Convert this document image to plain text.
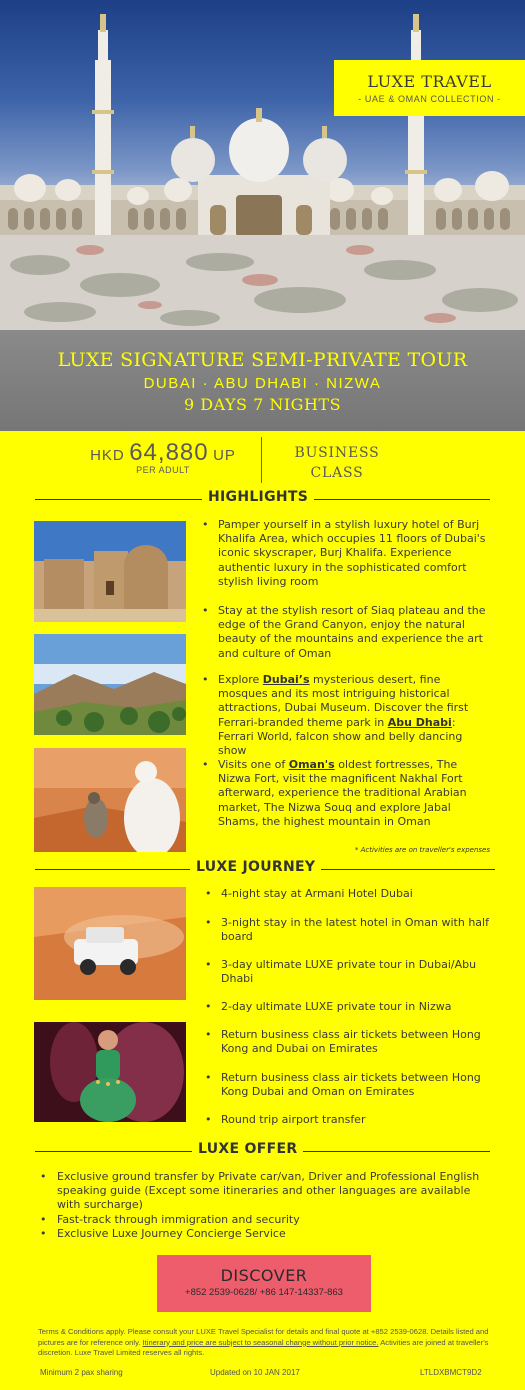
LUXE TRAVEL
- UAE & OMAN COLLECTION -
LUXE SIGNATURE SEMI-PRIVATE TOUR
DUBAI · ABU DHABI · NIZWA
9 DAYS 7 NIGHTS
HKD 64,880 UP
PER ADULT
BUSINESS
CLASS
HIGHLIGHTS
• Pamper yourself in a stylish luxury hotel of Burj Khalifa Area, which occupies 11 floors of Dubai's iconic skyscraper, Burj Khalifa. Experience authentic luxury in the sophisticated comfort stylish living room
• Stay at the stylish resort of Siaq plateau and the edge of the Grand Canyon, enjoy the natural beauty of the mountains and experience the art and culture of Oman
• Explore Dubai’s mysterious desert, fine mosques and its most intriguing historical attractions, Dubai Museum. Discover the first Ferrari-branded theme park in Abu Dhabi: Ferrari World, falcon show and belly dancing show
• Visits one of Oman's oldest fortresses, The Nizwa Fort, visit the magnificent Nakhal Fort afterward, experience the traditional Arabian market, The Nizwa Souq and explore Jabal Shams, the highest mountain in Oman
* Activities are on traveller's expenses
LUXE JOURNEY
• 4-night stay at Armani Hotel Dubai
• 3-night stay in the latest hotel in Oman with half board
• 3-day ultimate LUXE private tour in Dubai/Abu Dhabi
• 2-day ultimate LUXE private tour in Nizwa
• Return business class air tickets between Hong Kong and Dubai on Emirates
• Return business class air tickets between Hong Kong Dubai and Oman on Emirates
• Round trip airport transfer
LUXE OFFER
• Exclusive ground transfer by Private car/van, Driver and Professional English speaking guide (Except some itineraries and other languages are available with surcharge)
• Fast-track through immigration and security
• Exclusive Luxe Journey Concierge Service
DISCOVER
+852 2539-0628/ +86 147-14337-863
Terms & Conditions apply. Please consult your LUXE Travel Specialist for details and final quote at +852 2539-0628. Details listed and pictures are for reference only. Itinerary and price are subject to seasonal change without prior notice. Activities are joined at traveller's discretion. Luxe Travel Limited reserves all rights.
Minimum 2 pax sharing	Updated on 10 JAN 2017	LTLDXBMCT9D2
